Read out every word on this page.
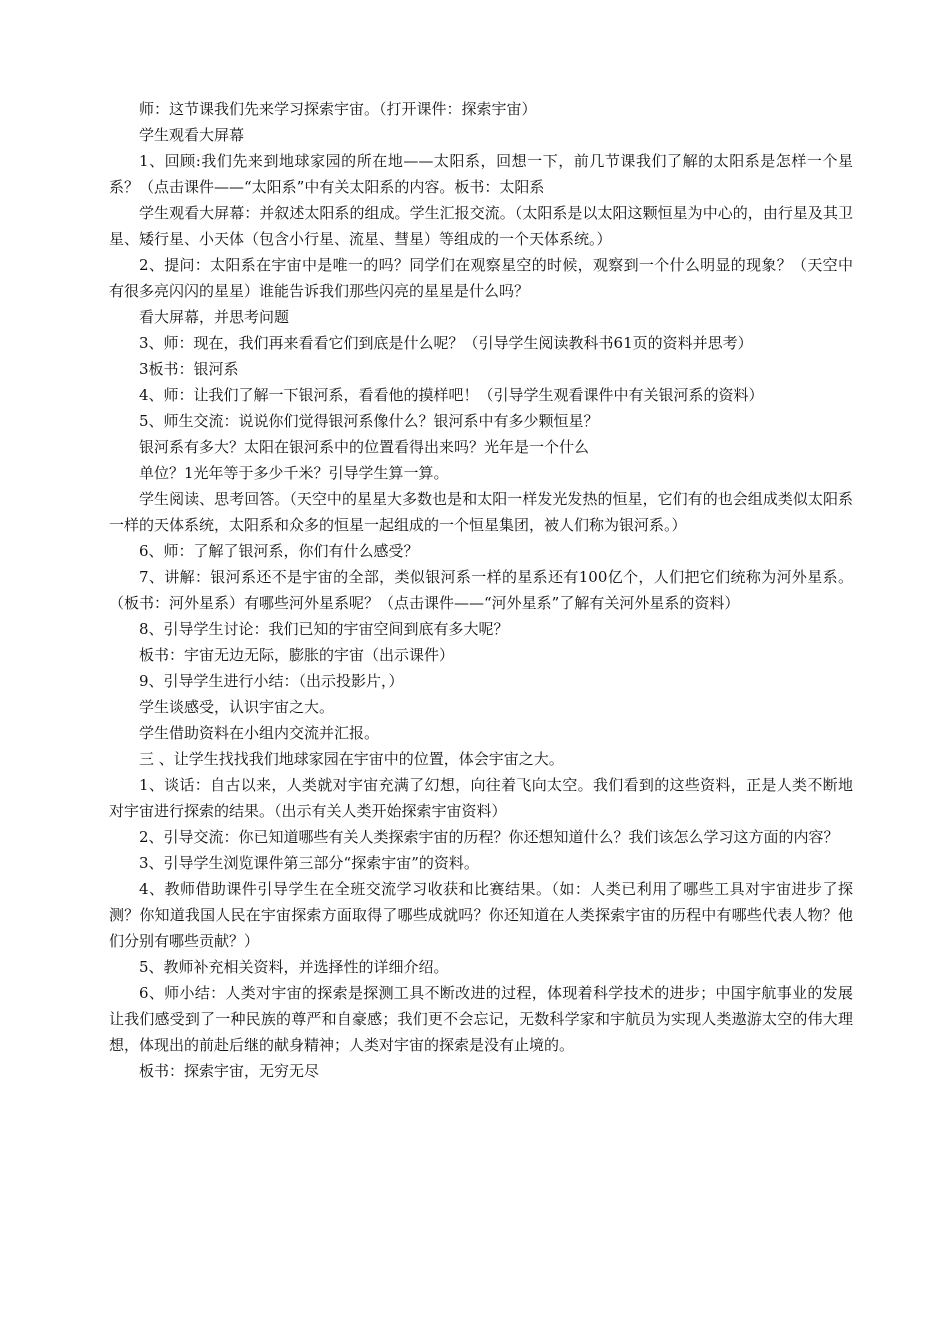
师：这节课我们先来学习探索宇宙。（打开课件：探索宇宙）

学生观看大屏幕

1、回顾:我们先来到地球家园的所在地——太阳系，回想一下，前几节课我们了解的太阳系是怎样一个星系？（点击课件——“太阳系”中有关太阳系的内容。板书：太阳系

学生观看大屏幕：并叙述太阳系的组成。学生汇报交流。（太阳系是以太阳这颗恒星为中心的，由行星及其卫星、矮行星、小天体（包含小行星、流星、彗星）等组成的一个天体系统。）

2、提问：太阳系在宇宙中是唯一的吗？同学们在观察星空的时候，观察到一个什么明显的现象？（天空中有很多亮闪闪的星星）谁能告诉我们那些闪亮的星星是什么吗？

看大屏幕，并思考问题

3、师：现在，我们再来看看它们到底是什么呢？（引导学生阅读教科书61页的资料并思考）

3板书：银河系

4、师：让我们了解一下银河系，看看他的摸样吧！（引导学生观看课件中有关银河系的资料）

5、师生交流：说说你们觉得银河系像什么？银河系中有多少颗恒星？

银河系有多大？太阳在银河系中的位置看得出来吗？光年是一个什么

单位？1光年等于多少千米？引导学生算一算。

学生阅读、思考回答。（天空中的星星大多数也是和太阳一样发光发热的恒星，它们有的也会组成类似太阳系一样的天体系统，太阳系和众多的恒星一起组成的一个恒星集团，被人们称为银河系。）

6、师：了解了银河系，你们有什么感受？

7、讲解：银河系还不是宇宙的全部，类似银河系一样的星系还有100亿个，人们把它们统称为河外星系。（板书：河外星系）有哪些河外星系呢？（点击课件——“河外星系”了解有关河外星系的资料）

8、引导学生讨论：我们已知的宇宙空间到底有多大呢？

板书：宇宙无边无际，膨胀的宇宙（出示课件）

9、引导学生进行小结：（出示投影片，）

学生谈感受，认识宇宙之大。

学生借助资料在小组内交流并汇报。

三 、让学生找找我们地球家园在宇宙中的位置，体会宇宙之大。

1、谈话：自古以来，人类就对宇宙充满了幻想，向往着飞向太空。我们看到的这些资料，正是人类不断地对宇宙进行探索的结果。（出示有关人类开始探索宇宙资料）

2、引导交流：你已知道哪些有关人类探索宇宙的历程？你还想知道什么？我们该怎么学习这方面的内容？

3、引导学生浏览课件第三部分“探索宇宙”的资料。

4、教师借助课件引导学生在全班交流学习收获和比赛结果。（如：人类已利用了哪些工具对宇宙进步了探测？你知道我国人民在宇宙探索方面取得了哪些成就吗？你还知道在人类探索宇宙的历程中有哪些代表人物？他们分别有哪些贡献？）

5、教师补充相关资料，并选择性的详细介绍。

6、师小结：人类对宇宙的探索是探测工具不断改进的过程，体现着科学技术的进步；中国宇航事业的发展让我们感受到了一种民族的尊严和自豪感；我们更不会忘记，无数科学家和宇航员为实现人类遨游太空的伟大理想，体现出的前赴后继的献身精神；人类对宇宙的探索是没有止境的。

板书：探索宇宙，无穷无尽
